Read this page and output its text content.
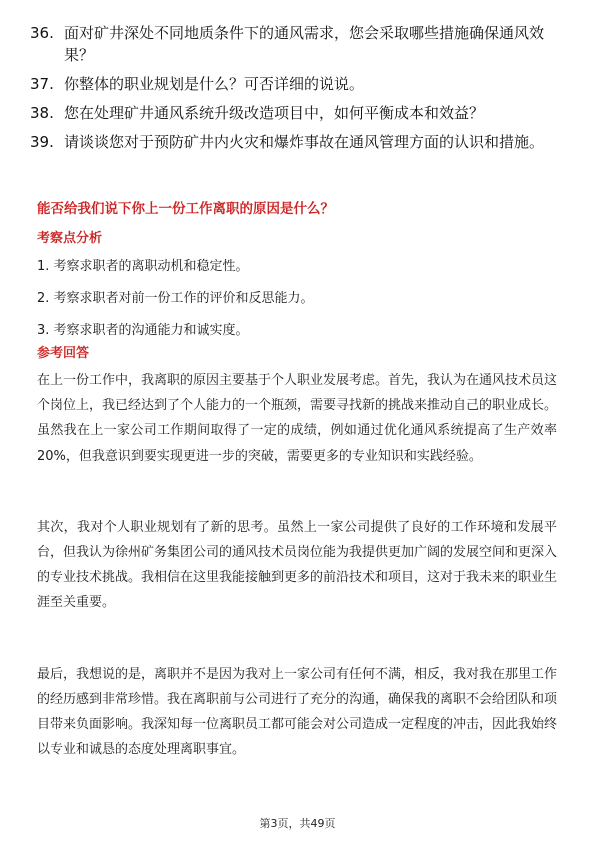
36. 面对矿井深处不同地质条件下的通风需求，您会采取哪些措施确保通风效果？
37. 你整体的职业规划是什么？可否详细的说说。
38. 您在处理矿井通风系统升级改造项目中，如何平衡成本和效益？
39. 请谈谈您对于预防矿井内火灾和爆炸事故在通风管理方面的认识和措施。
能否给我们说下你上一份工作离职的原因是什么？
考察点分析
1. 考察求职者的离职动机和稳定性。
2. 考察求职者对前一份工作的评价和反思能力。
3. 考察求职者的沟通能力和诚实度。
参考回答

在上一份工作中，我离职的原因主要基于个人职业发展考虑。首先，我认为在通风技术员这个岗位上，我已经达到了个人能力的一个瓶颈，需要寻找新的挑战来推动自己的职业成长。虽然我在上一家公司工作期间取得了一定的成绩，例如通过优化通风系统提高了生产效率20%，但我意识到要实现更进一步的突破，需要更多的专业知识和实践经验。

其次，我对个人职业规划有了新的思考。虽然上一家公司提供了良好的工作环境和发展平台，但我认为徐州矿务集团公司的通风技术员岗位能为我提供更加广阔的发展空间和更深入的专业技术挑战。我相信在这里我能接触到更多的前沿技术和项目，这对于我未来的职业生涯至关重要。

最后，我想说的是，离职并不是因为我对上一家公司有任何不满，相反，我对我在那里工作的经历感到非常珍惜。我在离职前与公司进行了充分的沟通，确保我的离职不会给团队和项目带来负面影响。我深知每一位离职员工都可能会对公司造成一定程度的冲击，因此我始终以专业和诚恳的态度处理离职事宜。

第3页，共49页
